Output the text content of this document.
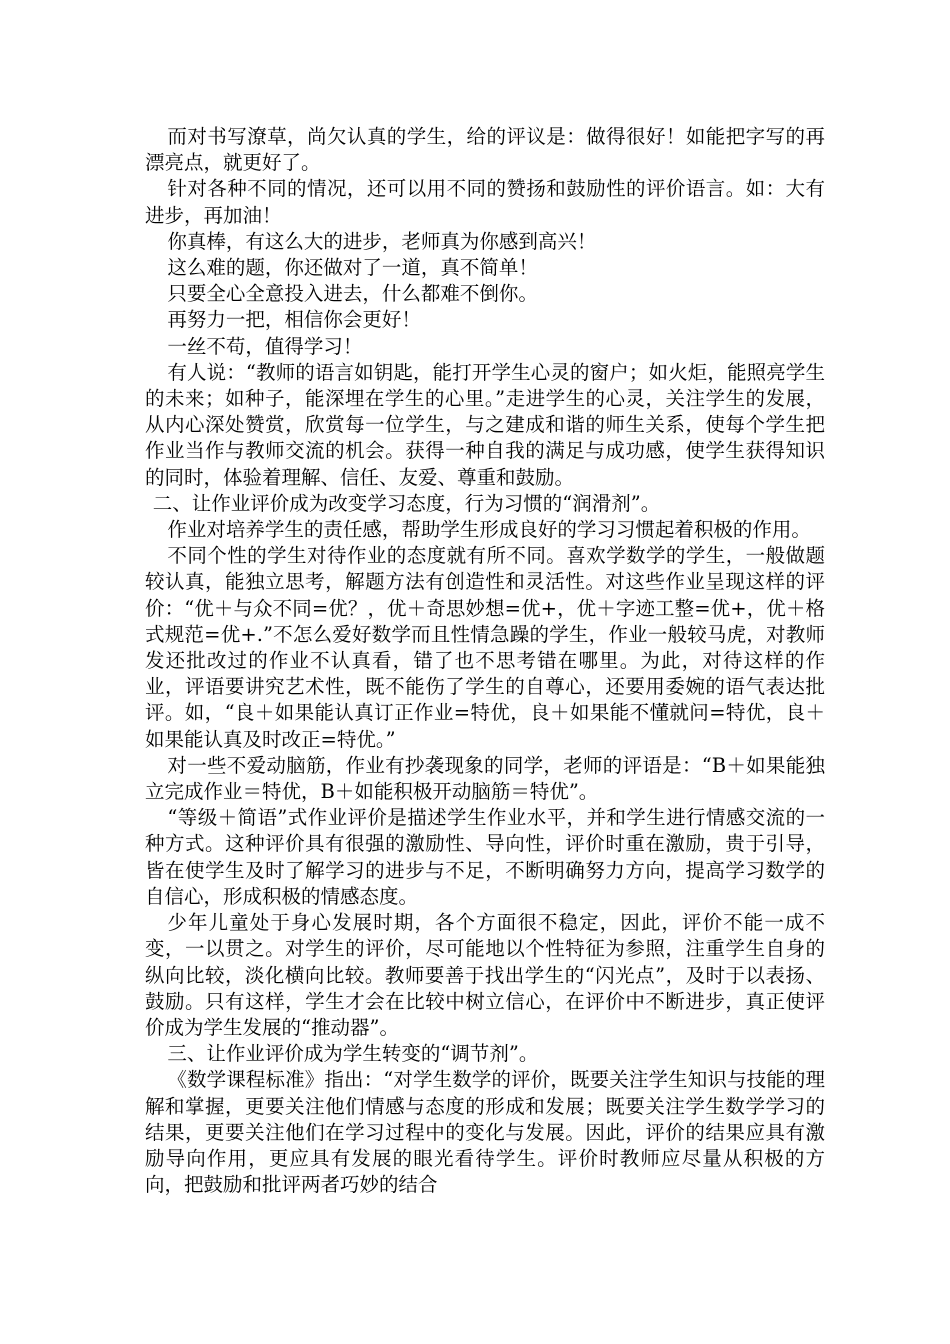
而对书写潦草，尚欠认真的学生，给的评议是：做得很好！如能把字写的再漂亮点，就更好了。

针对各种不同的情况，还可以用不同的赞扬和鼓励性的评价语言。如：大有进步，再加油！

你真棒，有这么大的进步，老师真为你感到高兴！

这么难的题，你还做对了一道，真不简单！

只要全心全意投入进去，什么都难不倒你。

再努力一把，相信你会更好！

一丝不苟，值得学习！

有人说：“教师的语言如钥匙，能打开学生心灵的窗户；如火炬，能照亮学生的未来；如种子，能深埋在学生的心里。”走进学生的心灵，关注学生的发展，从内心深处赞赏，欣赏每一位学生，与之建成和谐的师生关系，使每个学生把作业当作与教师交流的机会。获得一种自我的满足与成功感，使学生获得知识的同时，体验着理解、信任、友爱、尊重和鼓励。

二、让作业评价成为改变学习态度，行为习惯的“润滑剂”。

作业对培养学生的责任感，帮助学生形成良好的学习习惯起着积极的作用。

不同个性的学生对待作业的态度就有所不同。喜欢学数学的学生，一般做题较认真，能独立思考，解题方法有创造性和灵活性。对这些作业呈现这样的评价：“优＋与众不同=优？，优＋奇思妙想=优+，优＋字迹工整=优+，优＋格式规范=优+.”不怎么爱好数学而且性情急躁的学生，作业一般较马虎，对教师发还批改过的作业不认真看，错了也不思考错在哪里。为此，对待这样的作业，评语要讲究艺术性，既不能伤了学生的自尊心，还要用委婉的语气表达批评。如，“良＋如果能认真订正作业=特优，良＋如果能不懂就问=特优，良＋如果能认真及时改正=特优。”

对一些不爱动脑筋，作业有抄袭现象的同学，老师的评语是：“B＋如果能独立完成作业＝特优，B＋如能积极开动脑筋＝特优”。

“等级＋简语”式作业评价是描述学生作业水平，并和学生进行情感交流的一种方式。这种评价具有很强的激励性、导向性，评价时重在激励，贵于引导，皆在使学生及时了解学习的进步与不足，不断明确努力方向，提高学习数学的自信心，形成积极的情感态度。

少年儿童处于身心发展时期，各个方面很不稳定，因此，评价不能一成不变，一以贯之。对学生的评价，尽可能地以个性特征为参照，注重学生自身的纵向比较，淡化横向比较。教师要善于找出学生的“闪光点”，及时于以表扬、鼓励。只有这样，学生才会在比较中树立信心，在评价中不断进步，真正使评价成为学生发展的“推动器”。

三、让作业评价成为学生转变的“调节剂”。

《数学课程标准》指出：“对学生数学的评价，既要关注学生知识与技能的理解和掌握，更要关注他们情感与态度的形成和发展；既要关注学生数学学习的结果，更要关注他们在学习过程中的变化与发展。因此，评价的结果应具有激励导向作用，更应具有发展的眼光看待学生。评价时教师应尽量从积极的方向，把鼓励和批评两者巧妙的结合
